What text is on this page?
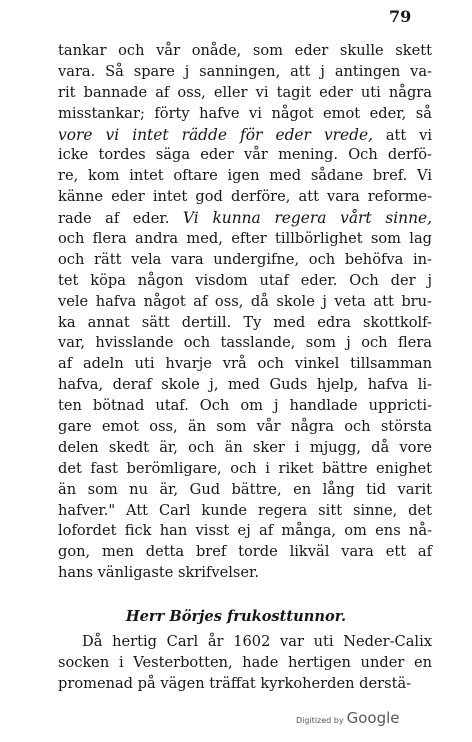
79
tankar och vår onåde, som eder skulle skett
vara. Så spare j sanningen, att j antingen va-
rit bannade af oss, eller vi tagit eder uti några
misstankar; förty hafve vi något emot eder, så
vore vi intet rädde för eder vrede, att vi
icke tordes säga eder vår mening. Och derfö-
re, kom intet oftare igen med sådane bref. Vi
känne eder intet god derföre, att vara reforme-
rade af eder. Vi kunna regera vårt sinne,
och flera andra med, efter tillbörlighet som lag
och rätt vela vara undergifne, och behöfva in-
tet köpa någon visdom utaf eder. Och der j
vele hafva något af oss, då skole j veta att bru-
ka annat sätt dertill. Ty med edra skottkolf-
var, hvisslande och tasslande, som j och flera
af adeln uti hvarje vrå och vinkel tillsamman
hafva, deraf skole j, med Guds hjelp, hafva li-
ten bötnad utaf. Och om j handlade uppricti-
gare emot oss, än som vår några och största
delen skedt är, och än sker i mjugg, då vore
det fast berömligare, och i riket bättre enighet
än som nu är, Gud bättre, en lång tid varit
hafver." Att Carl kunde regera sitt sinne, det
lofordet fick han visst ej af många, om ens nå-
gon, men detta bref torde likväl vara ett af
hans vänligaste skrifvelser.
Herr Börjes frukosttunnor.
Då hertig Carl år 1602 var uti Neder-Calix
socken i Vesterbotten, hade hertigen under en
promenad på vägen träffat kyrkoherden derstä-
Digitized by Google
